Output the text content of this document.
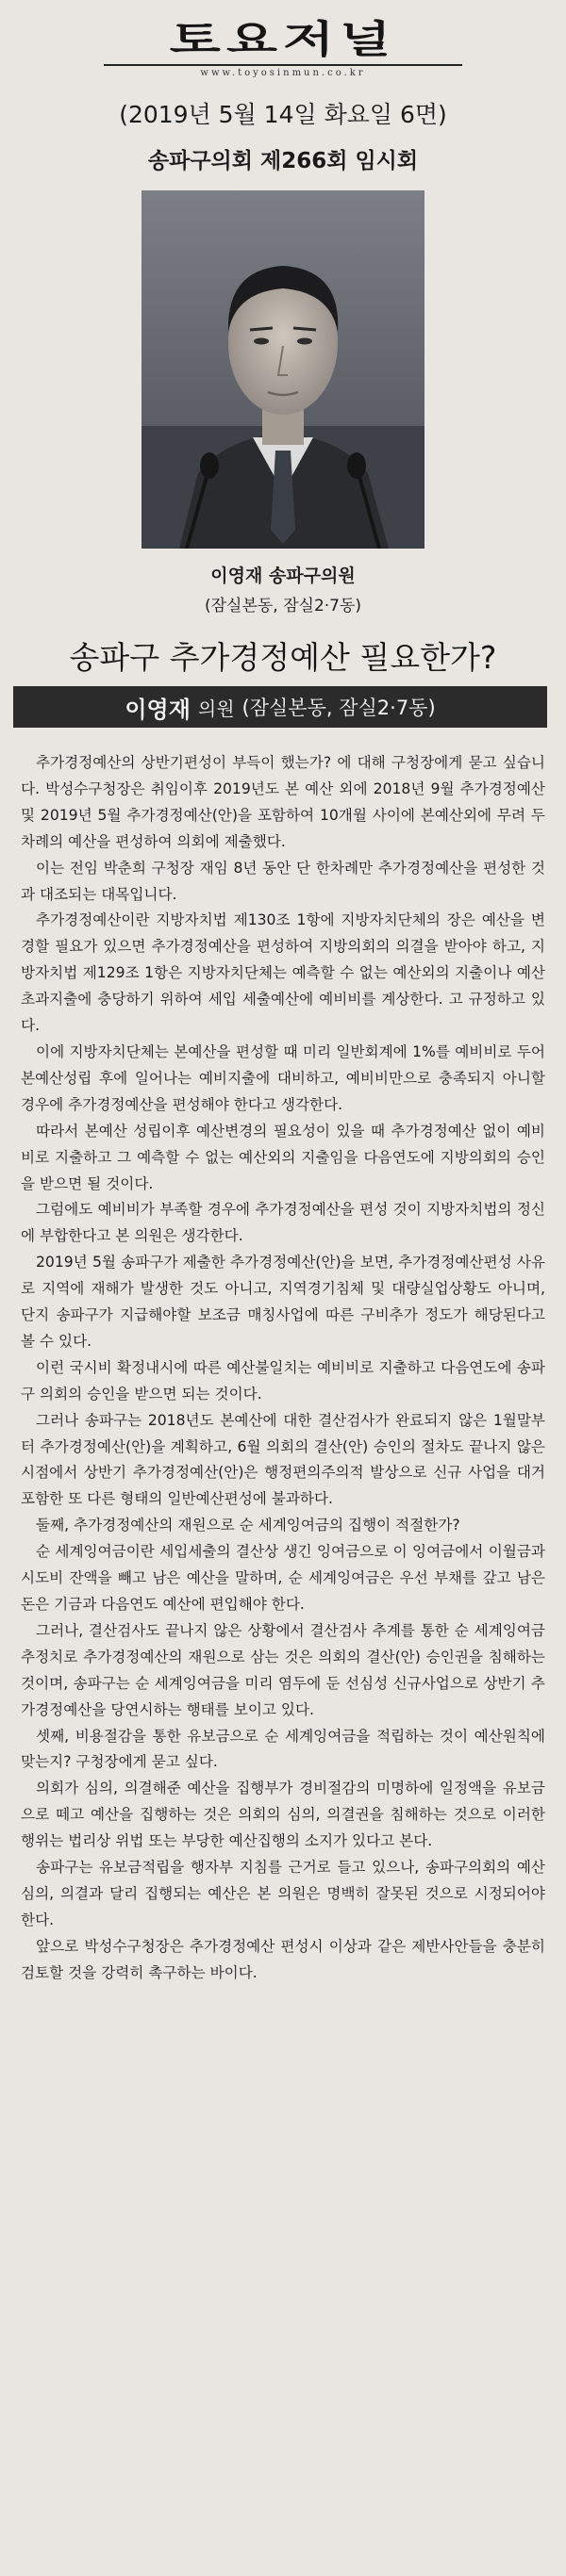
토요저널
www.toyosinmun.co.kr
(2019년 5월 14일 화요일 6면)
송파구의회 제266회 임시회
이영재 송파구의원
(잠실본동, 잠실2·7동)
송파구 추가경정예산 필요한가?
이영재 의원 (잠실본동, 잠실2·7동)

추가경정예산의 상반기편성이 부득이 했는가? 에 대해 구청장에게 묻고 싶습니다. 박성수구청장은 취임이후 2019년도 본 예산 외에 2018년 9월 추가경정예산 및 2019년 5월 추가경정예산(안)을 포함하여 10개월 사이에 본예산외에 무려 두 차례의 예산을 편성하여 의회에 제출했다.

이는 전임 박춘희 구청장 재임 8년 동안 단 한차례만 추가경정예산을 편성한 것과 대조되는 대목입니다.

추가경정예산이란 지방자치법 제130조 1항에 지방자치단체의 장은 예산을 변경할 필요가 있으면 추가경정예산을 편성하여 지방의회의 의결을 받아야 하고, 지방자치법 제129조 1항은 지방자치단체는 예측할 수 없는 예산외의 지출이나 예산초과지출에 충당하기 위하여 세입 세출예산에 예비비를 계상한다. 고 규정하고 있다.

이에 지방자치단체는 본예산을 편성할 때 미리 일반회계에 1%를 예비비로 두어 본예산성립 후에 일어나는 예비지출에 대비하고, 예비비만으로 충족되지 아니할 경우에 추가경정예산을 편성해야 한다고 생각한다.

따라서 본예산 성립이후 예산변경의 필요성이 있을 때 추가경정예산 없이 예비비로 지출하고 그 예측할 수 없는 예산외의 지출임을 다음연도에 지방의회의 승인을 받으면 될 것이다.

그럼에도 예비비가 부족할 경우에 추가경정예산을 편성 것이 지방자치법의 정신에 부합한다고 본 의원은 생각한다.

2019년 5월 송파구가 제출한 추가경정예산(안)을 보면, 추가경정예산편성 사유로 지역에 재해가 발생한 것도 아니고, 지역경기침체 및 대량실업상황도 아니며, 단지 송파구가 지급해야할 보조금 매칭사업에 따른 구비추가 정도가 해당된다고 볼 수 있다.

이런 국시비 확정내시에 따른 예산불일치는 예비비로 지출하고 다음연도에 송파구 의회의 승인을 받으면 되는 것이다.

그러나 송파구는 2018년도 본예산에 대한 결산검사가 완료되지 않은 1월말부터 추가경정예산(안)을 계획하고, 6월 의회의 결산(안) 승인의 절차도 끝나지 않은 시점에서 상반기 추가경정예산(안)은 행정편의주의적 발상으로 신규 사업을 대거 포함한 또 다른 형태의 일반예산편성에 불과하다.

둘째, 추가경정예산의 재원으로 순 세계잉여금의 집행이 적절한가?

순 세계잉여금이란 세입세출의 결산상 생긴 잉여금으로 이 잉여금에서 이월금과 시도비 잔액을 빼고 남은 예산을 말하며, 순 세계잉여금은 우선 부채를 갚고 남은 돈은 기금과 다음연도 예산에 편입해야 한다.

그러나, 결산검사도 끝나지 않은 상황에서 결산검사 추계를 통한 순 세계잉여금 추정치로 추가경정예산의 재원으로 삼는 것은 의회의 결산(안) 승인권을 침해하는 것이며, 송파구는 순 세계잉여금을 미리 염두에 둔 선심성 신규사업으로 상반기 추가경정예산을 당연시하는 행태를 보이고 있다.

셋째, 비용절감을 통한 유보금으로 순 세계잉여금을 적립하는 것이 예산원칙에 맞는지? 구청장에게 묻고 싶다.

의회가 심의, 의결해준 예산을 집행부가 경비절감의 미명하에 일정액을 유보금으로 떼고 예산을 집행하는 것은 의회의 심의, 의결권을 침해하는 것으로 이러한 행위는 법리상 위법 또는 부당한 예산집행의 소지가 있다고 본다.

송파구는 유보금적립을 행자부 지침를 근거로 들고 있으나, 송파구의회의 예산 심의, 의결과 달리 집행되는 예산은 본 의원은 명백히 잘못된 것으로 시정되어야 한다.

앞으로 박성수구청장은 추가경정예산 편성시 이상과 같은 제반사안들을 충분히 검토할 것을 강력히 촉구하는 바이다.
